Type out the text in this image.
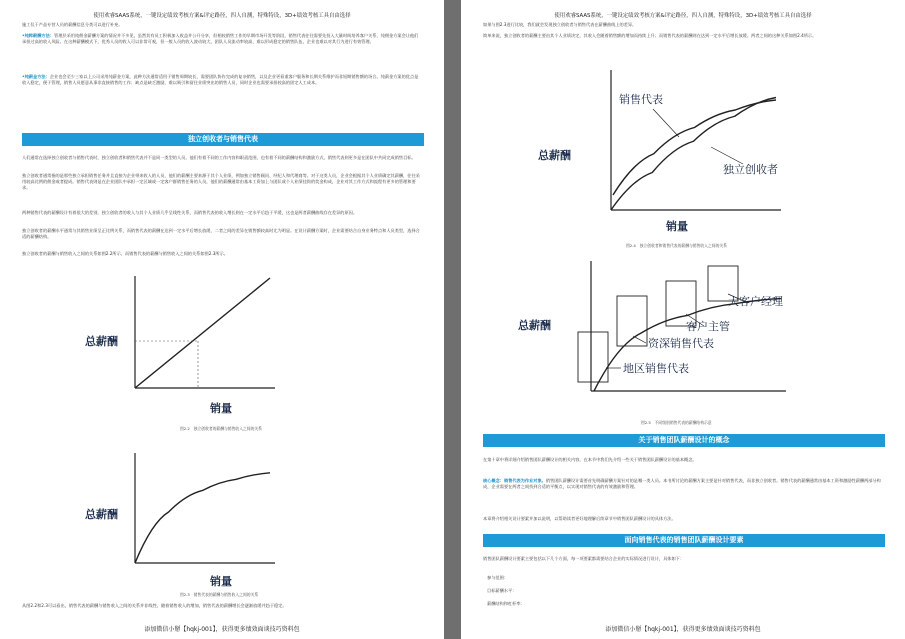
使用欢睿SAAS系统，一键设定绩效考核方案&评定路径，四人自测，特殊特设，3D+绩效考核工具自由选择

施工仅于产品专营人员的薪酬信息分类可以进行补充。

•纯粹薪酬方法：管理层采用纯佣金薪酬方案的情况并不多见，虽然其有员工积极加入收益并公开分享，但相较销售工作的早期市场开发等阶段，销售代表往往需要先投入大量时间培养客户关系，纯佣金方案会让他们承担过高的收入风险。在这种薪酬模式下，优秀人员的收入可以非常可观，但一般人员的收入波动较大，团队人员流动率较高，难以形成稳定的销售队伍，企业也难以对其行为进行有效管理。

•纯薪金方法：企业也会至少三家以上公司采用纯薪金方案，此种方法通常适用于销售周期较长、需要团队协作完成的复杂销售，以及企业更看重客户服务和长期关系维护而非短期销售额的场合。纯薪金方案的优点是收入稳定，便于管理，销售人员愿意从事非直接销售的工作；缺点是缺乏激励，难以吸引和留住业绩突出的销售人员，同时企业也需要承担较高的固定人工成本。

独立创收者与销售代表

人们通常在选择独立创收者与销售代表时，独立创收者和销售代表并不是同一类型的人员。他们有着不同的工作内容和职责范围，也有着不同的薪酬结构和激励方式，销售代表则更多是在团队中共同完成销售目标。

独立创收者通常指的是那些独立承担销售任务并且直接为企业带来收入的人员，他们的薪酬主要来源于其个人业绩，例如独立销售顾问、经纪人和代理商等。对于这类人员，企业会根据其个人业绩确定其薪酬，往往采用较高比例的佣金或者提成。销售代表则是在企业团队中承担一定区域或一定客户群销售任务的人员，他们的薪酬通常由基本工资加上与团队或个人业绩挂钩的奖金构成，企业对其工作方式和流程有更多的管理和要求。

两种销售代表的薪酬设计有着很大的差别，独立创收者的收入与其个人业绩几乎呈线性关系，而销售代表的收入增长则在一定水平后趋于平缓，这也是两者薪酬曲线存在差异的原因。

独立创收者的薪酬水平通常与其销售业绩呈正比例关系，而销售代表的薪酬在达到一定水平后增长放缓，二者之间的差异在销售额较高时尤为明显。在设计薪酬方案时，企业需要结合自身业务特点和人员类型，选择合适的薪酬结构。

独立创收者的薪酬与销售收入之间的关系如图2.2所示，而销售代表的薪酬与销售收入之间的关系如图2.3所示。

总薪酬
销量
图2.2　独立创收者的薪酬与销售收入之间的关系
总薪酬
销量
图2.3　销售代表的薪酬与销售收入之间的关系

从图2.2和2.3可以看出，销售代表的薪酬与销售收入之间的关系并非线性，随着销售收入的增加，销售代表的薪酬增长会逐渐放缓并趋于稳定。

添加微信小掰【hqkj-001】，获得更多绩效面谈技巧资料包
使用欢睿SAAS系统，一键设定绩效考核方案&评定路径，四人自测，特殊特设，3D+绩效考核工具自由选择

如果与图2.3进行比较，我们就会发现独立创收者与销售代表在薪酬曲线上的差异。

简单来说，独立创收者的薪酬主要由其个人业绩决定，其收入会随着销售额的增加而持续上升；而销售代表的薪酬则在达到一定水平后增长放缓。两者之间的这种关系如图2.4所示。

销售代表
独立创收者
总薪酬
销量
图2.4　独立创收者和销售代表的薪酬与销售收入之间的关系
地区销售代表
资深销售代表
客户主管
大客户经理
总薪酬
图2.5　不同级别销售代表的薪酬结构示意
关于销售团队薪酬设计的概念

在第十章中将详细介绍销售团队薪酬设计的相关内容，在本节中我们先介绍一些关于销售团队薪酬设计的基本概念。

核心概念：销售代表为作业对象。销售团队薪酬设计需要首先明确薪酬方案针对的是哪一类人员。本书所讨论的薪酬方案主要是针对销售代表，而非独立创收者。销售代表的薪酬通常由基本工资和激励性薪酬两部分构成，企业需要在两者之间找到合适的平衡点，以实现对销售代表的有效激励和管理。

本章将介绍相关设计要素并加以说明，以帮助读者更好地理解后续章节中销售团队薪酬设计的具体方法。

面向销售代表的销售团队薪酬设计要素

销售团队薪酬设计要素主要包括以下几个方面，每一项要素都需要结合企业的实际情况进行设计，具体如下：

参与范围：
目标薪酬水平：
薪酬结构和杠杆率：
添加微信小掰【hqkj-001】，获得更多绩效面谈技巧资料包
